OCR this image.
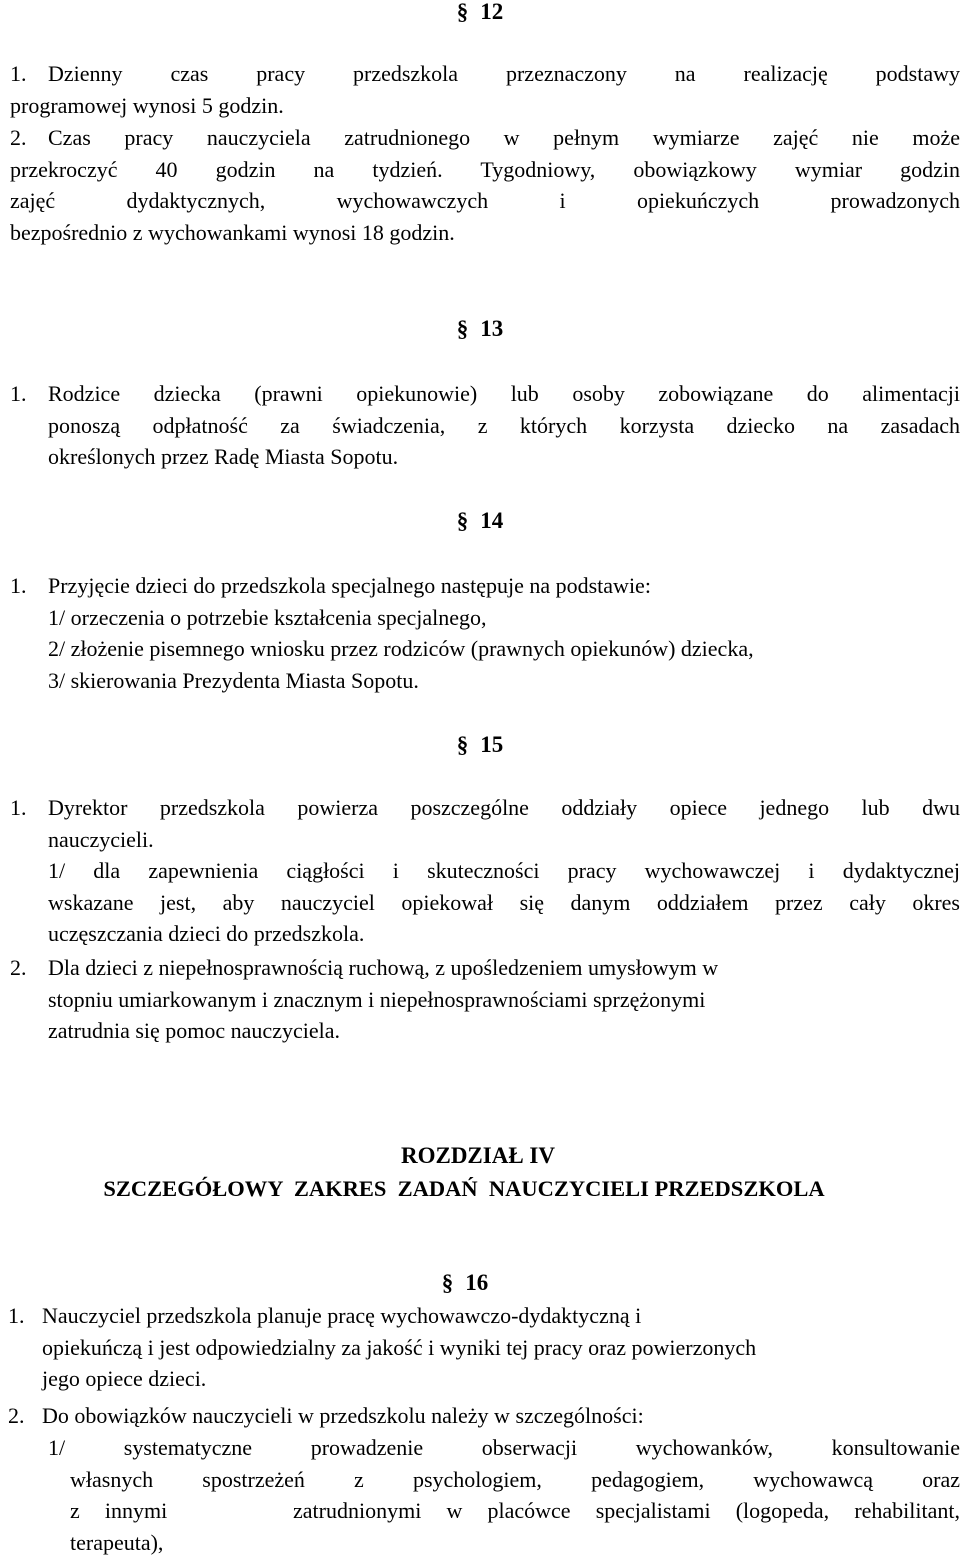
§ 12
1. Dzienny czas pracy przedszkola przeznaczony na realizację podstawy
programowej wynosi 5 godzin.
2. Czas pracy nauczyciela zatrudnionego w pełnym wymiarze zajęć nie może
przekroczyć 40 godzin na tydzień. Tygodniowy, obowiązkowy wymiar godzin
zajęć dydaktycznych, wychowawczych i opiekuńczych prowadzonych
bezpośrednio z wychowankami wynosi 18 godzin.
§ 13
1. Rodzice dziecka (prawni opiekunowie) lub osoby zobowiązane do alimentacji
ponoszą odpłatność za świadczenia, z których korzysta dziecko na zasadach
określonych przez Radę Miasta Sopotu.
§ 14
1. Przyjęcie dzieci do przedszkola specjalnego następuje na podstawie:
1/ orzeczenia o potrzebie kształcenia specjalnego,
2/ złożenie pisemnego wniosku przez rodziców (prawnych opiekunów) dziecka,
3/ skierowania Prezydenta Miasta Sopotu.
§ 15
1. Dyrektor przedszkola powierza poszczególne oddziały opiece jednego lub dwu
nauczycieli.
1/ dla zapewnienia ciągłości i skuteczności pracy wychowawczej i dydaktycznej
wskazane jest, aby nauczyciel opiekował się danym oddziałem przez cały okres
uczęszczania dzieci do przedszkola.
2. Dla dzieci z niepełnosprawnością ruchową, z upośledzeniem umysłowym w
stopniu umiarkowanym i znacznym i niepełnosprawnościami sprzężonymi
zatrudnia się pomoc nauczyciela.
ROZDZIAŁ IV
SZCZEGÓŁOWY  ZAKRES  ZADAŃ  NAUCZYCIELI PRZEDSZKOLA
§ 16
1. Nauczyciel przedszkola planuje pracę wychowawczo-dydaktyczną i
opiekuńczą i jest odpowiedzialny za jakość i wyniki tej pracy oraz powierzonych
jego opiece dzieci.
2. Do obowiązków nauczycieli w przedszkolu należy w szczególności:
1/ systematyczne prowadzenie obserwacji wychowanków, konsultowanie
własnych spostrzeżeń z psychologiem, pedagogiem, wychowawcą oraz
z innymi     zatrudnionymi w placówce specjalistami (logopeda, rehabilitant,
terapeuta),
